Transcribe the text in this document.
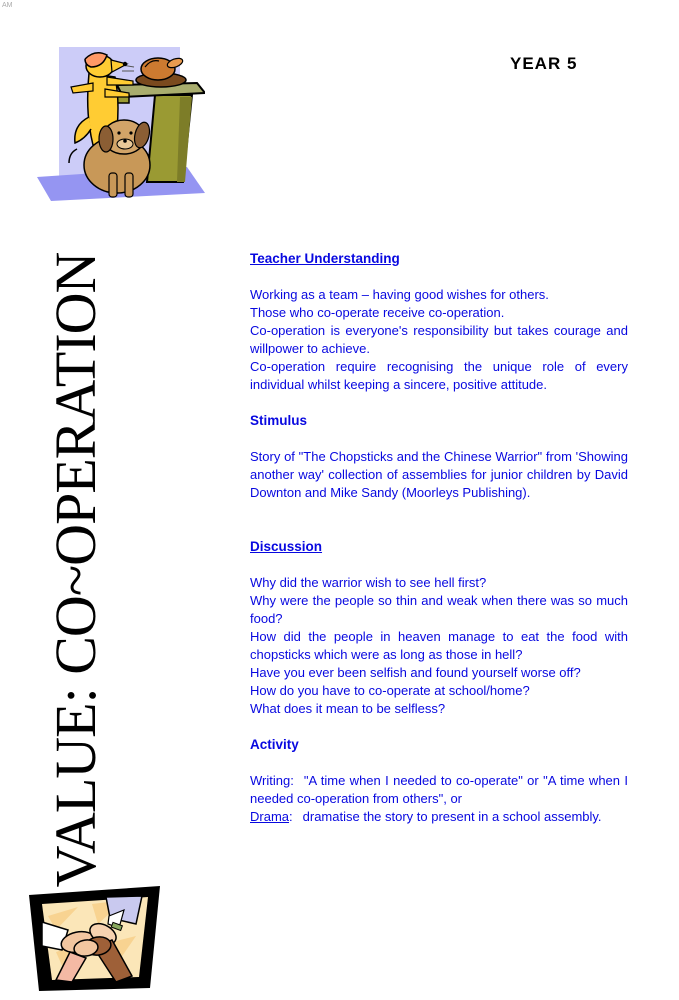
AM
YEAR 5
VALUE: CO~OPERATION	Teacher Understanding
Working as a team – having good wishes for others.
Those who co-operate receive co-operation.
Co-operation is everyone's responsibility but takes courage and willpower to achieve.
Co-operation require recognising the unique role of every individual whilst keeping a sincere, positive attitude.
Stimulus
Story of "The Chopsticks and the Chinese Warrior" from 'Showing another way' collection of assemblies for junior children by David Downton and Mike Sandy (Moorleys Publishing).
Discussion
Why did the warrior wish to see hell first?
Why were the people so thin and weak when there was so much food?
How did the people in heaven manage to eat the food with chopsticks which were as long as those in hell?
Have you ever been selfish and found yourself worse off?
How do you have to co-operate at school/home?
What does it mean to be selfless?
Activity
Writing: "A time when I needed to co-operate" or "A time when I needed co-operation from others", or
Drama: dramatise the story to present in a school assembly.
